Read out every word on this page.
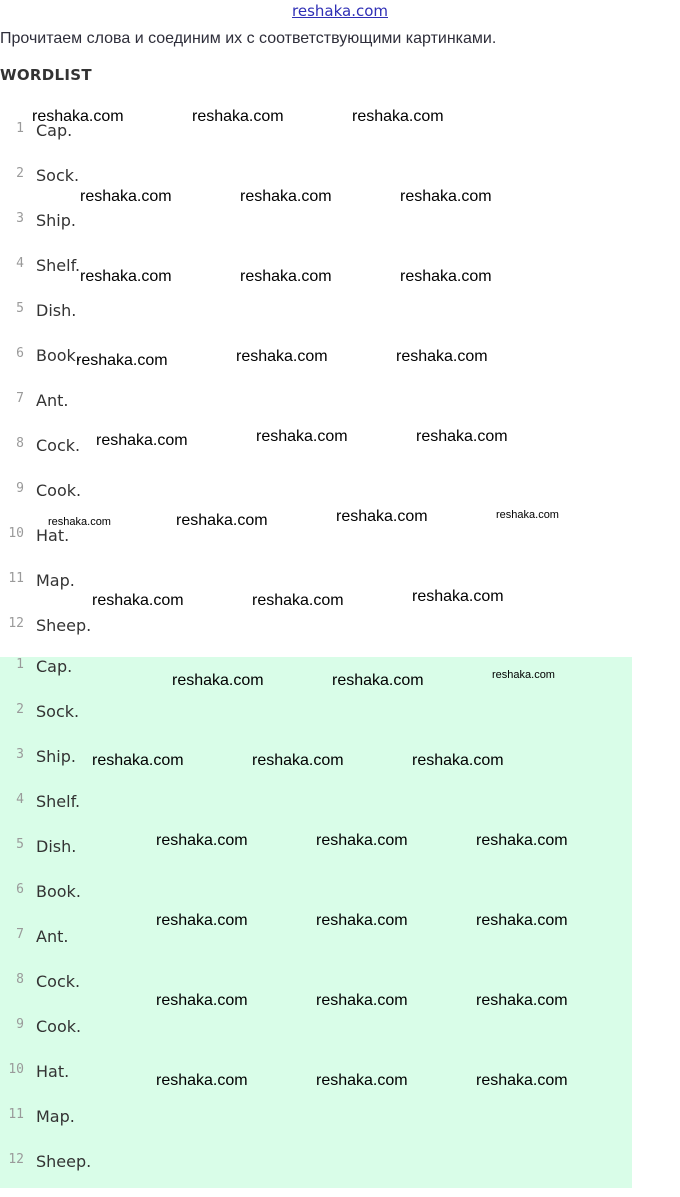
reshaka.com
Прочитаем слова и соединим их с соответствующими картинками.
WORDLIST
1 Cap.
2 Sock.
3 Ship.
4 Shelf.
5 Dish.
6 Book.
7 Ant.
8 Cock.
9 Cook.
10 Hat.
11 Map.
12 Sheep.
1 Cap.
2 Sock.
3 Ship.
4 Shelf.
5 Dish.
6 Book.
7 Ant.
8 Cock.
9 Cook.
10 Hat.
11 Map.
12 Sheep.
reshaka.com	reshaka.com	reshaka.com
reshaka.com	reshaka.com	reshaka.com
reshaka.com	reshaka.com	reshaka.com
reshaka.com	reshaka.com	reshaka.com
reshaka.com	reshaka.com	reshaka.com
reshaka.com	reshaka.com	reshaka.com	reshaka.com
reshaka.com	reshaka.com	reshaka.com
reshaka.com	reshaka.com	reshaka.com
reshaka.com	reshaka.com	reshaka.com
reshaka.com	reshaka.com	reshaka.com
reshaka.com	reshaka.com	reshaka.com
reshaka.com	reshaka.com	reshaka.com
reshaka.com	reshaka.com	reshaka.com
